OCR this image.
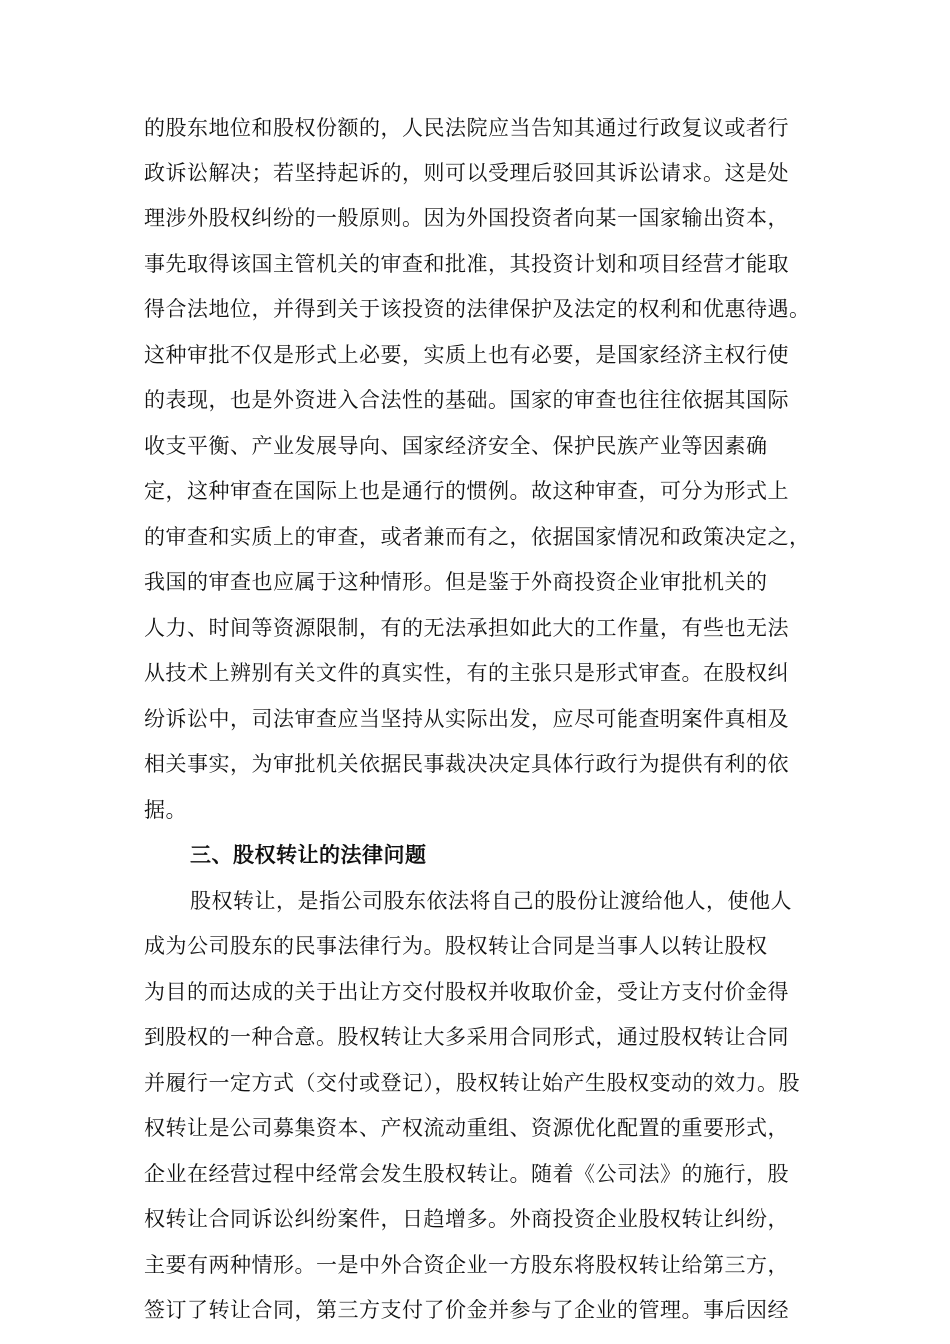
的股东地位和股权份额的，人民法院应当告知其通过行政复议或者行
政诉讼解决；若坚持起诉的，则可以受理后驳回其诉讼请求。这是处
理涉外股权纠纷的一般原则。因为外国投资者向某一国家输出资本，
事先取得该国主管机关的审查和批准，其投资计划和项目经营才能取
得合法地位，并得到关于该投资的法律保护及法定的权利和优惠待遇。
这种审批不仅是形式上必要，实质上也有必要，是国家经济主权行使
的表现，也是外资进入合法性的基础。国家的审查也往往依据其国际
收支平衡、产业发展导向、国家经济安全、保护民族产业等因素确
定，这种审查在国际上也是通行的惯例。故这种审查，可分为形式上
的审查和实质上的审查，或者兼而有之，依据国家情况和政策决定之，
我国的审查也应属于这种情形。但是鉴于外商投资企业审批机关的
人力、时间等资源限制，有的无法承担如此大的工作量，有些也无法
从技术上辨别有关文件的真实性，有的主张只是形式审查。在股权纠
纷诉讼中，司法审查应当坚持从实际出发，应尽可能查明案件真相及
相关事实，为审批机关依据民事裁决决定具体行政行为提供有利的依
据。
三、股权转让的法律问题
股权转让，是指公司股东依法将自己的股份让渡给他人，使他人
成为公司股东的民事法律行为。股权转让合同是当事人以转让股权
为目的而达成的关于出让方交付股权并收取价金，受让方支付价金得
到股权的一种合意。股权转让大多采用合同形式，通过股权转让合同
并履行一定方式（交付或登记），股权转让始产生股权变动的效力。股
权转让是公司募集资本、产权流动重组、资源优化配置的重要形式，
企业在经营过程中经常会发生股权转让。随着《公司法》的施行，股
权转让合同诉讼纠纷案件，日趋增多。外商投资企业股权转让纠纷，
主要有两种情形。一是中外合资企业一方股东将股权转让给第三方，
签订了转让合同，第三方支付了价金并参与了企业的管理。事后因经
